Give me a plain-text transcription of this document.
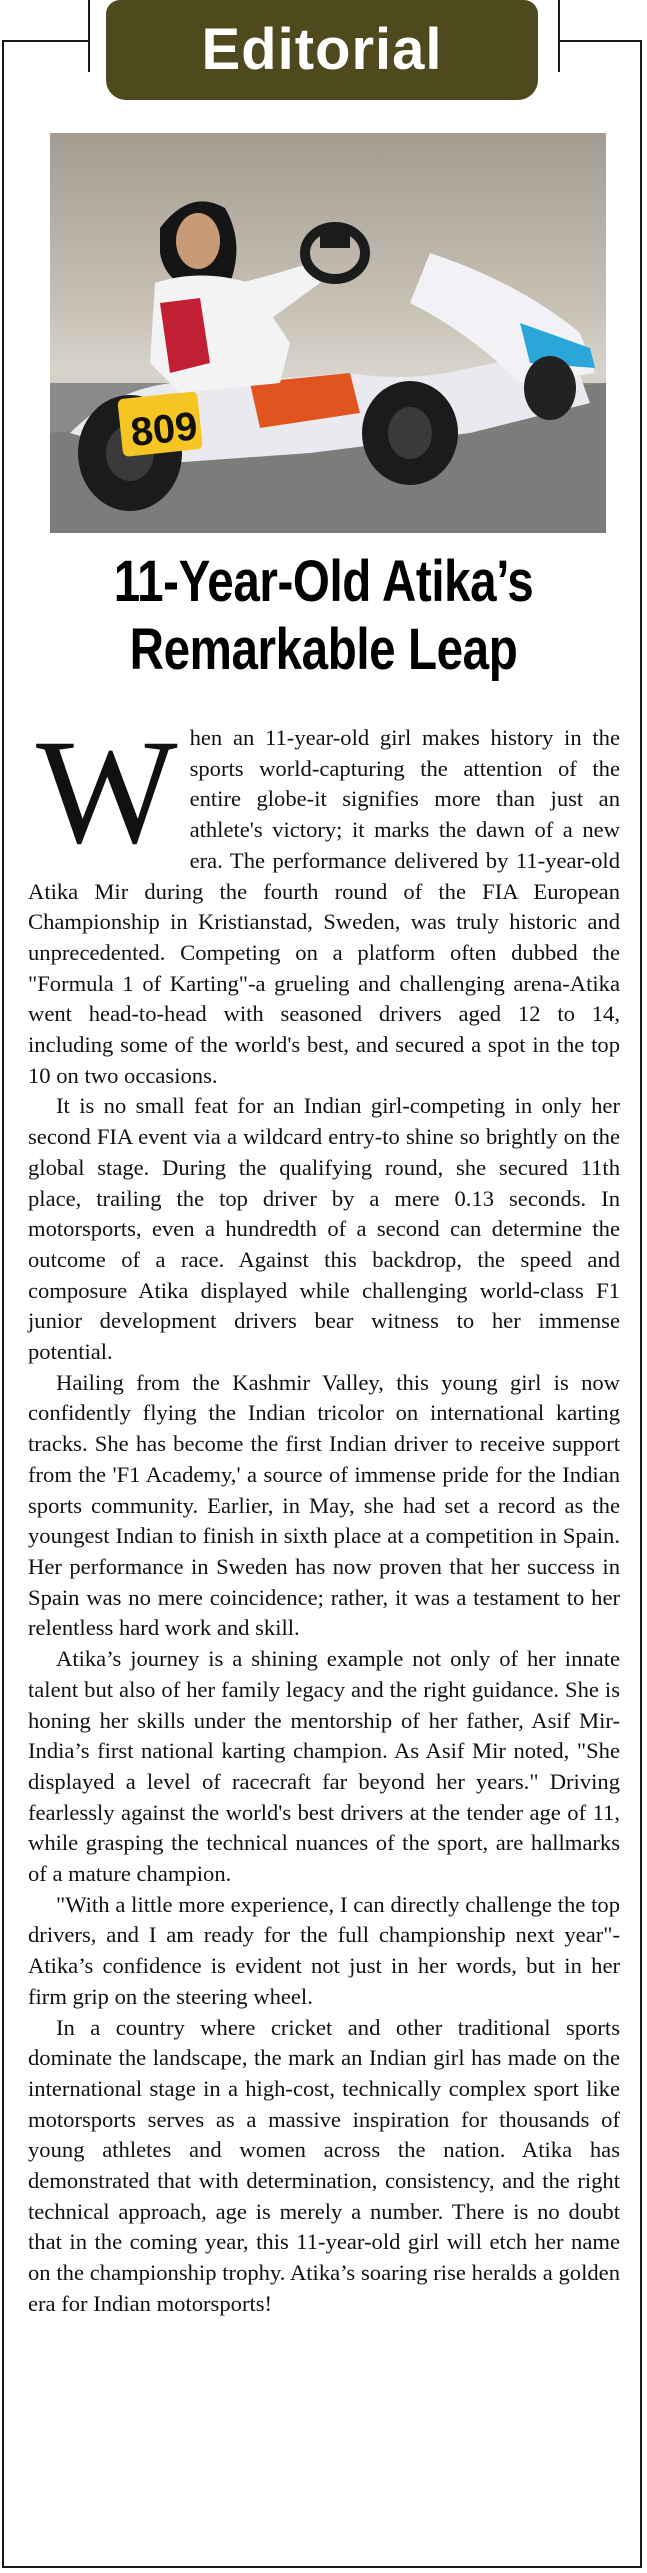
Editorial
809
11-Year-Old Atika’s
Remarkable Leap

When an 11-year-old girl makes history in the sports world-capturing the attention of the entire globe-it signifies more than just an athlete's victory; it marks the dawn of a new era. The performance delivered by 11-year-old Atika Mir during the fourth round of the FIA European Championship in Kristianstad, Sweden, was truly historic and unprecedented. Competing on a platform often dubbed the "Formula 1 of Karting"-a grueling and challenging arena-Atika went head-to-head with seasoned drivers aged 12 to 14, including some of the world's best, and secured a spot in the top 10 on two occasions.

It is no small feat for an Indian girl-competing in only her second FIA event via a wildcard entry-to shine so brightly on the global stage. During the qualifying round, she secured 11th place, trailing the top driver by a mere 0.13 seconds. In motorsports, even a hundredth of a second can determine the outcome of a race. Against this backdrop, the speed and composure Atika displayed while challenging world-class F1 junior development drivers bear witness to her immense potential.

Hailing from the Kashmir Valley, this young girl is now confidently flying the Indian tricolor on international karting tracks. She has become the first Indian driver to receive support from the 'F1 Academy,' a source of immense pride for the Indian sports community. Earlier, in May, she had set a record as the youngest Indian to finish in sixth place at a competition in Spain. Her performance in Sweden has now proven that her success in Spain was no mere coincidence; rather, it was a testament to her relentless hard work and skill.

Atika’s journey is a shining example not only of her innate talent but also of her family legacy and the right guidance. She is honing her skills under the mentorship of her father, Asif Mir-India’s first national karting champion. As Asif Mir noted, "She displayed a level of racecraft far beyond her years." Driving fearlessly against the world's best drivers at the tender age of 11, while grasping the technical nuances of the sport, are hallmarks of a mature champion.

"With a little more experience, I can directly challenge the top drivers, and I am ready for the full championship next year"-Atika’s confidence is evident not just in her words, but in her firm grip on the steering wheel.

In a country where cricket and other traditional sports dominate the landscape, the mark an Indian girl has made on the international stage in a high-cost, technically complex sport like motorsports serves as a massive inspiration for thousands of young athletes and women across the nation. Atika has demonstrated that with determination, consistency, and the right technical approach, age is merely a number. There is no doubt that in the coming year, this 11-year-old girl will etch her name on the championship trophy. Atika’s soaring rise heralds a golden era for Indian motorsports!
